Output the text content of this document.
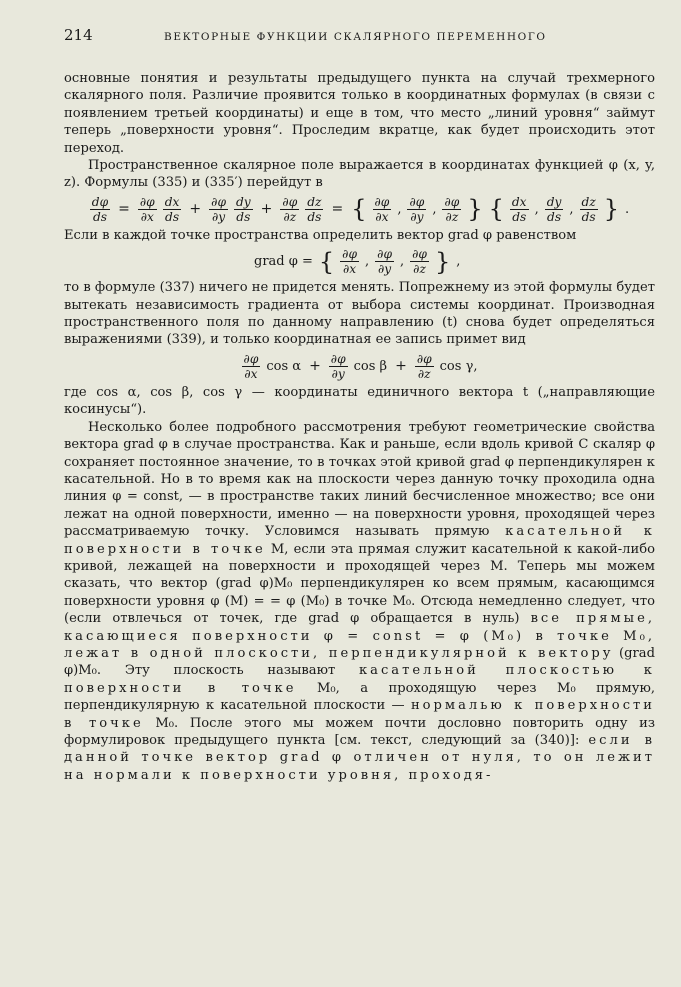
214	ВЕКТОРНЫЕ ФУНКЦИИ СКАЛЯРНОГО ПЕРЕМЕННОГО

основные понятия и результаты предыдущего пункта на случай трехмерного скалярного поля. Различие проявится только в координатных формулах (в связи с появлением третьей координаты) и еще в том, что место „линий уровня“ займут теперь „поверхности уровня“. Проследим вкратце, как будет происходить этот переход.

Пространственное скалярное поле выражается в координатах функцией φ (x, y, z). Формулы (335) и (335′) перейдут в

$\frac{d\varphi}{ds} = \frac{\partial\varphi}{\partial x} \frac{dx}{ds} + \frac{\partial\varphi}{\partial y} \frac{dy}{ds} + \frac{\partial\varphi}{\partial z} \frac{dz}{ds}$ = { $\frac{\partial\varphi}{\partial x}$ , $\frac{\partial\varphi}{\partial y}$ , $\frac{\partial\varphi}{\partial z}$ } { $\frac{dx}{ds}$ , $\frac{dy}{ds}$ , $\frac{dz}{ds}$ } .

Если в каждой точке пространства определить вектор grad φ равенством

grad φ = { $\frac{\partial\varphi}{\partial x}$ , $\frac{\partial\varphi}{\partial y}$ , $\frac{\partial\varphi}{\partial z}$ } ,

то в формуле (337) ничего не придется менять. Попрежнему из этой формулы будет вытекать независимость градиента от выбора системы координат. Производная пространственного поля по данному направлению (t) снова будет определяться выражениями (339), и только координатная ее запись примет вид

$\frac{\partial\varphi}{\partial x}$ $\cos \alpha + \frac{\partial\varphi}{\partial y}$ $\cos \beta + \frac{\partial\varphi}{\partial z}$ cos γ,

где cos α, cos β, cos γ — координаты единичного вектора t („направляющие косинусы“).

Несколько более подробного рассмотрения требуют геометрические свойства вектора grad φ в случае пространства. Как и раньше, если вдоль кривой C скаляр φ сохраняет постоянное значение, то в точках этой кривой grad φ перпендикулярен к касательной. Но в то время как на плоскости через данную точку проходила одна линия φ = const, — в пространстве таких линий бесчисленное множество; все они лежат на одной поверхности, именно — на поверхности уровня, проходящей через рассматриваемую точку. Условимся называть прямую касательной к поверхности в точке M, если эта прямая служит касательной к какой-либо кривой, лежащей на поверхности и проходящей через M. Теперь мы можем сказать, что вектор (grad φ)M₀ перпендикулярен ко всем прямым, касающимся поверхности уровня φ (M) = = φ (M₀) в точке M₀. Отсюда немедленно следует, что (если отвлечься от точек, где grad φ обращается в нуль) все прямые, касающиеся поверхности φ = const = φ (M₀) в точке M₀, лежат в одной плоскости, перпендикулярной к вектору (grad φ)M₀. Эту плоскость называют касательной плоскостью к поверхности в точке M₀, а проходящую через M₀ прямую, перпендикулярную к касательной плоскости — нормалью к поверхности в точке M₀. После этого мы можем почти дословно повторить одну из формулировок предыдущего пункта [см. текст, следующий за (340)]: если в данной точке вектор grad φ отличен от нуля, то он лежит на нормали к поверхности уровня, проходя-
